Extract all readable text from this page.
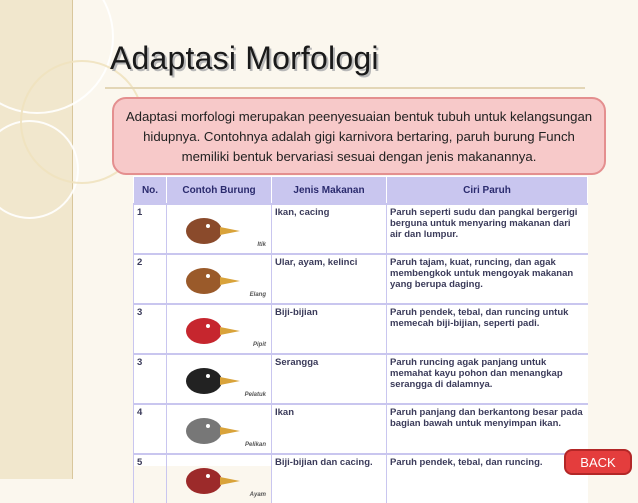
Adaptasi Morfologi
Adaptasi morfologi merupakan peenyesuaian bentuk tubuh untuk kelangsungan hidupnya. Contohnya adalah gigi karnivora bertaring, paruh burung Funch memiliki bentuk bervariasi sesuai dengan jenis makanannya.
No.	Contoh Burung	Jenis Makanan	Ciri Paruh
1	Itik	Ikan, cacing	Paruh seperti sudu dan pangkal bergerigi berguna untuk menyaring makanan dari air dan lumpur.
2	Elang	Ular, ayam, kelinci	Paruh tajam, kuat, runcing, dan agak membengkok untuk mengoyak makanan yang berupa daging.
3	Pipit	Biji-bijian	Paruh pendek, tebal, dan runcing untuk memecah biji-bijian, seperti padi.
3	Pelatuk	Serangga	Paruh runcing agak panjang untuk memahat kayu pohon dan menangkap serangga di dalamnya.
4	Pelikan	Ikan	Paruh panjang dan berkantong besar pada bagian bawah untuk menyimpan ikan.
5	Ayam	Biji-bijian dan cacing.	Paruh pendek, tebal, dan runcing.	BACK
